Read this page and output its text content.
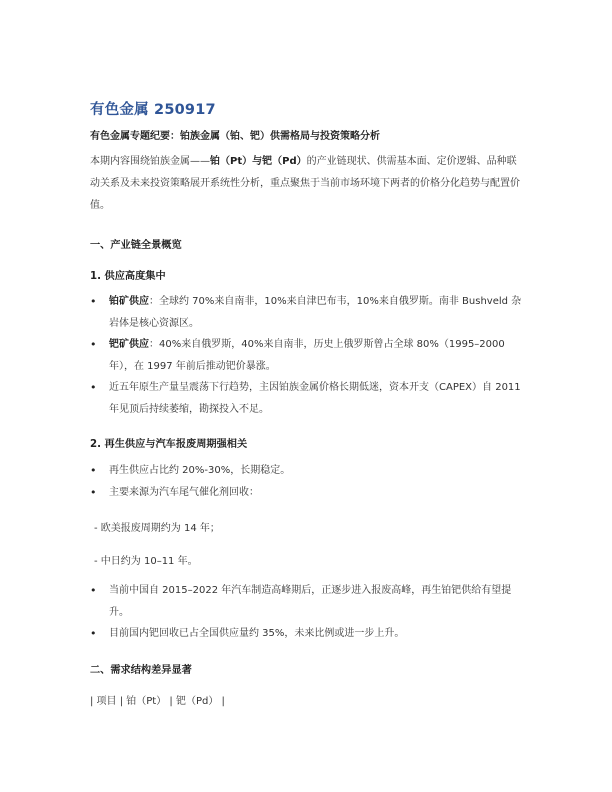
有色金属 250917
有色金属专题纪要：铂族金属（铂、钯）供需格局与投资策略分析
本期内容围绕铂族金属——铂（Pt）与钯（Pd）的产业链现状、供需基本面、定价逻辑、品种联动关系及未来投资策略展开系统性分析，重点聚焦于当前市场环境下两者的价格分化趋势与配置价值。
一、产业链全景概览
1. 供应高度集中
• 铂矿供应：全球约 70%来自南非，10%来自津巴布韦，10%来自俄罗斯。南非 Bushveld 杂岩体是核心资源区。
• 钯矿供应：40%来自俄罗斯，40%来自南非，历史上俄罗斯曾占全球 80%（1995–2000 年），在 1997 年前后推动钯价暴涨。
• 近五年原生产量呈震荡下行趋势，主因铂族金属价格长期低迷，资本开支（CAPEX）自 2011 年见顶后持续萎缩，勘探投入不足。
2. 再生供应与汽车报废周期强相关
• 再生供应占比约 20%-30%，长期稳定。
• 主要来源为汽车尾气催化剂回收：
- 欧美报废周期约为 14 年；
- 中日约为 10–11 年。
• 当前中国自 2015–2022 年汽车制造高峰期后，正逐步进入报废高峰，再生铂钯供给有望提升。
• 目前国内钯回收已占全国供应量约 35%，未来比例或进一步上升。
二、需求结构差异显著
| 项目 | 铂（Pt） | 钯（Pd） |
